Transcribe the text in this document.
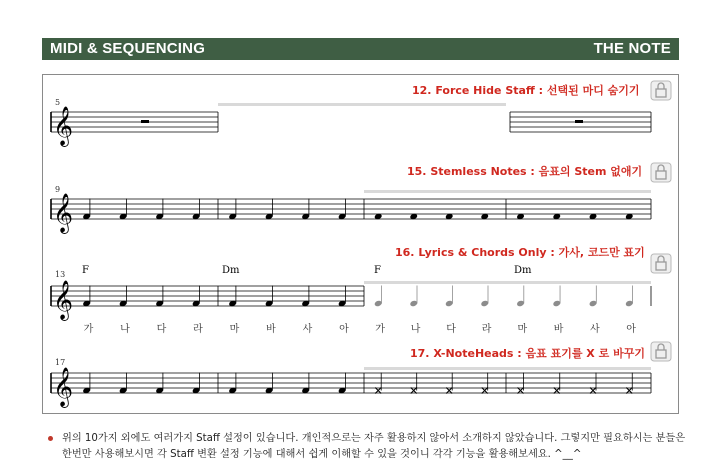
MIDI & SEQUENCING	THE NOTE
5
12. Force Hide Staff : 선택된 마디 숨기기
𝄞
9
15. Stemless Notes : 음표의 Stem 없애기
𝄞
13
16. Lyrics & Chords Only : 가사, 코드만 표기
F	Dm	F	Dm
𝄞
가	나	다	라	마	바	사	아	가	나	다	라	마	바	사	아
17
17. X-NoteHeads : 음표 표기를 X 로 바꾸기
𝄞
위의 10가지 외에도 여러가지 Staff 설정이 있습니다. 개인적으로는 자주 활용하지 않아서 소개하지 않았습니다. 그렇지만 필요하시는 분들은 한번만 사용해보시면 각 Staff 변환 설정 기능에 대해서 쉽게 이해할 수 있을 것이니 각각 기능을 활용해보세요. ^__^
